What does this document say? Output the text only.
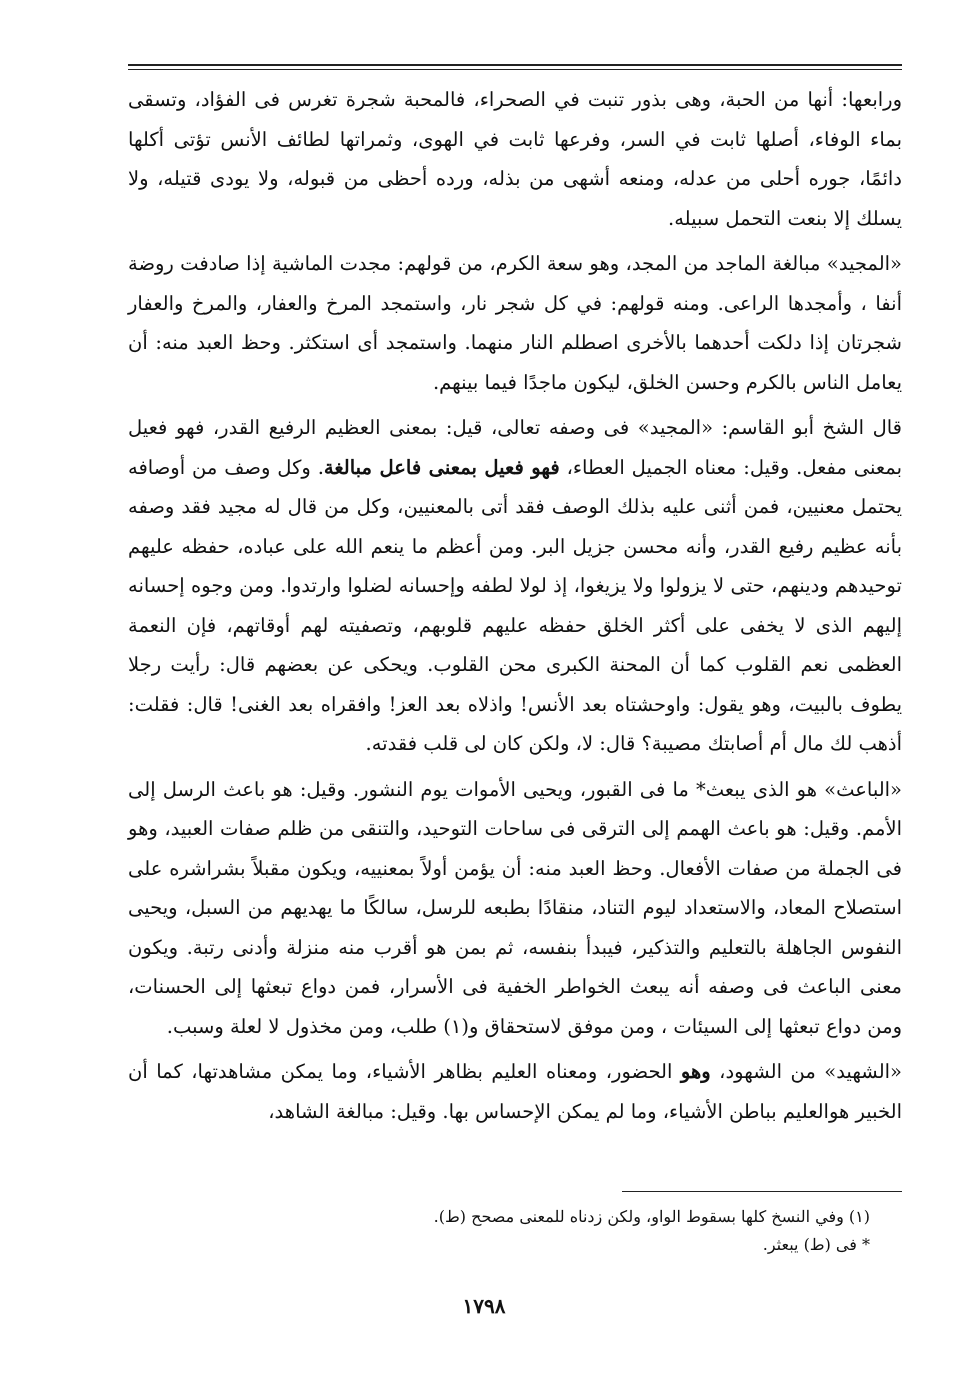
ورابعها: أنها من الحبة، وهى بذور تنبت في الصحراء، فالمحبة شجرة تغرس فى الفؤاد، وتسقى بماء الوفاء، أصلها ثابت في السر، وفرعها ثابت في الهوى، وثمراتها لطائف الأنس تؤتى أكلها دائمًا، جوره أحلى من عدله، ومنعه أشهى من بذله، ورده أحظى من قبوله، ولا يودى قتيله، ولا يسلك إلا بنعت التحمل سبيله.

«المجيد» مبالغة الماجد من المجد، وهو سعة الكرم، من قولهم: مجدت الماشية إذا صادفت روضة أنفا ، وأمجدها الراعى. ومنه قولهم: في كل شجر نار، واستمجد المرخ والعفار، والمرخ والعفار شجرتان إذا دلكت أحدهما بالأخرى اصطلم النار منهما. واستمجد أى استكثر. وحظ العبد منه: أن يعامل الناس بالكرم وحسن الخلق، ليكون ماجدًا فيما بينهم.

قال الشخ أبو القاسم: «المجيد» فى وصفه تعالى، قيل: بمعنى العظيم الرفيع القدر، فهو فعيل بمعنى مفعل. وقيل: معناه الجميل العطاء، فهو فعيل بمعنى فاعل مبالغة. وكل وصف من أوصافه يحتمل معنيين، فمن أثنى عليه بذلك الوصف فقد أتى بالمعنيين، وكل من قال له مجيد فقد وصفه بأنه عظيم رفيع القدر، وأنه محسن جزيل البر. ومن أعظم ما ينعم الله على عباده، حفظه عليهم توحيدهم ودينهم، حتى لا يزولوا ولا يزيغوا، إذ لولا لطفه وإحسانه لضلوا وارتدوا. ومن وجوه إحسانه إليهم الذى لا يخفى على أكثر الخلق حفظه عليهم قلوبهم، وتصفيته لهم أوقاتهم، فإن النعمة العظمى نعم القلوب كما أن المحنة الكبرى محن القلوب. ويحكى عن بعضهم قال: رأيت رجلا يطوف بالبيت، وهو يقول: واوحشتاه بعد الأنس! واذلاه بعد العز! وافقراه بعد الغنى! قال: فقلت: أذهب لك مال أم أصابتك مصيبة؟ قال: لا، ولكن كان لى قلب فقدته.

«الباعث» هو الذى يبعث* ما فى القبور، ويحيى الأموات يوم النشور. وقيل: هو باعث الرسل إلى الأمم. وقيل: هو باعث الهمم إلى الترقى فى ساحات التوحيد، والتنقى من ظلم صفات العبيد، وهو فى الجملة من صفات الأفعال. وحظ العبد منه: أن يؤمن أولاً بمعنييه، ويكون مقبلاً بشراشره على استصلاح المعاد، والاستعداد ليوم التناد، منقادًا بطبعه للرسل، سالكًا ما يهديهم من السبل، ويحيى النفوس الجاهلة بالتعليم والتذكير، فيبدأ بنفسه، ثم بمن هو أقرب منه منزلة وأدنى رتبة. ويكون معنى الباعث فى وصفه أنه يبعث الخواطر الخفية فى الأسرار، فمن دواع تبعثها إلى الحسنات، ومن دواع تبعثها إلى السيئات ، ومن موفق لاستحقاق و(١) طلب، ومن مخذول لا لعلة وسبب.

«الشهيد» من الشهود، وهو الحضور، ومعناه العليم بظاهر الأشياء، وما يمكن مشاهدتها، كما أن الخبير هوالعليم بباطن الأشياء، وما لم يمكن الإحساس بها. وقيل: مبالغة الشاهد،

(١) وفي النسخ كلها بسقوط الواو، ولكن زدناه للمعنى مصحح (ط).

* فى (ط) يبعثر.

١٧٩٨
